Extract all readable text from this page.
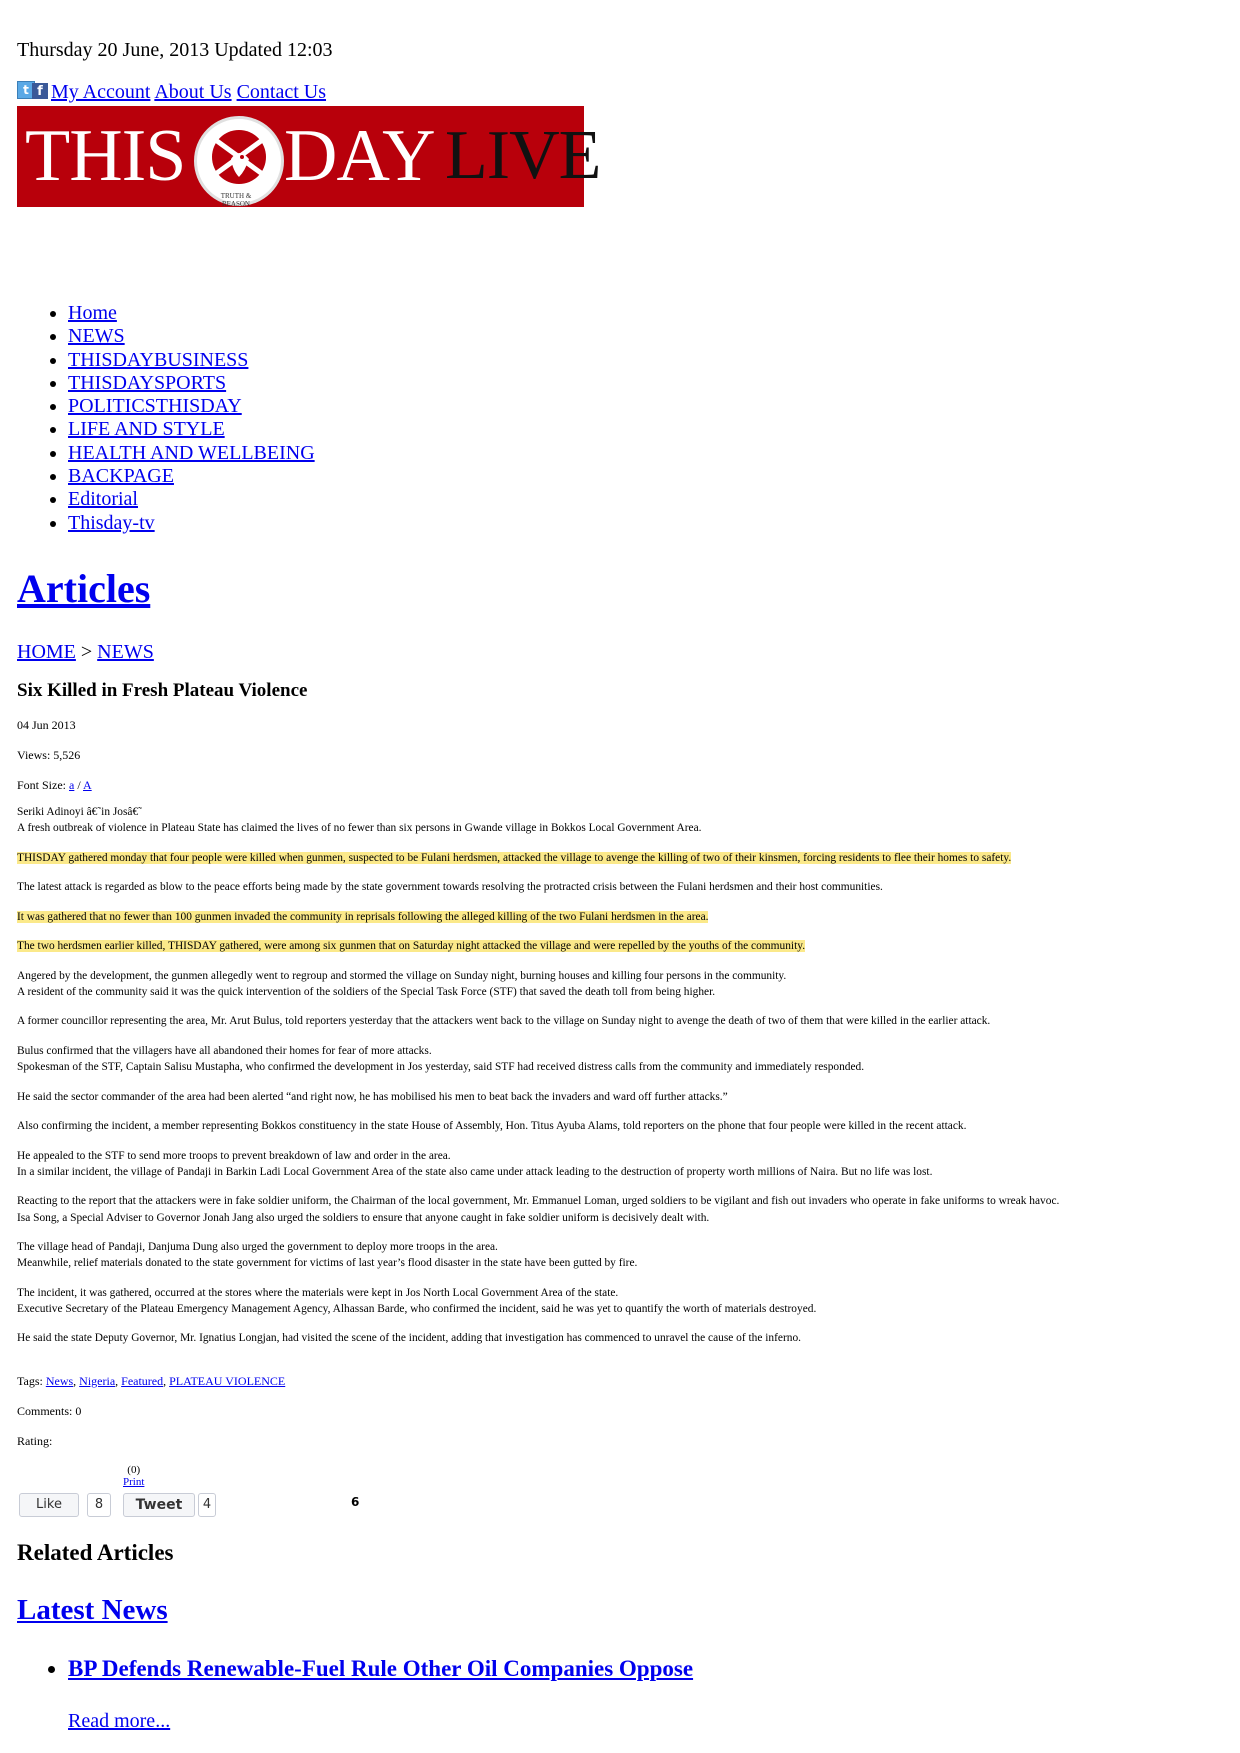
Thursday 20 June, 2013 Updated 12:03
t f My Account About Us Contact Us
THIS	TRUTH & REASON
DAY LIVE
• Home
• NEWS
• THISDAYBUSINESS
• THISDAYSPORTS
• POLITICSTHISDAY
• LIFE AND STYLE
• HEALTH AND WELLBEING
• BACKPAGE
• Editorial
• Thisday-tv
Articles
HOME > NEWS
Six Killed in Fresh Plateau Violence
04 Jun 2013
Views: 5,526
Font Size: a / A

Seriki Adinoyi â€˜in Josâ€˜
A fresh outbreak of violence in Plateau State has claimed the lives of no fewer than six persons in Gwande village in Bokkos Local Government Area.

THISDAY gathered monday that four people were killed when gunmen, suspected to be Fulani herdsmen, attacked the village to avenge the killing of two of their kinsmen, forcing residents to flee their homes to safety.

The latest attack is regarded as blow to the peace efforts being made by the state government towards resolving the protracted crisis between the Fulani herdsmen and their host communities.

It was gathered that no fewer than 100 gunmen invaded the community in reprisals following the alleged killing of the two Fulani herdsmen in the area.

The two herdsmen earlier killed, THISDAY gathered, were among six gunmen that on Saturday night attacked the village and were repelled by the youths of the community.

Angered by the development, the gunmen allegedly went to regroup and stormed the village on Sunday night, burning houses and killing four persons in the community.
A resident of the community said it was the quick intervention of the soldiers of the Special Task Force (STF) that saved the death toll from being higher.

A former councillor representing the area, Mr. Arut Bulus, told reporters yesterday that the attackers went back to the village on Sunday night to avenge the death of two of them that were killed in the earlier attack.

Bulus confirmed that the villagers have all abandoned their homes for fear of more attacks.
Spokesman of the STF, Captain Salisu Mustapha, who confirmed the development in Jos yesterday, said STF had received distress calls from the community and immediately responded.

He said the sector commander of the area had been alerted “and right now, he has mobilised his men to beat back the invaders and ward off further attacks.”

Also confirming the incident, a member representing Bokkos constituency in the state House of Assembly, Hon. Titus Ayuba Alams, told reporters on the phone that four people were killed in the recent attack.

He appealed to the STF to send more troops to prevent breakdown of law and order in the area.
In a similar incident, the village of Pandaji in Barkin Ladi Local Government Area of the state also came under attack leading to the destruction of property worth millions of Naira. But no life was lost.

Reacting to the report that the attackers were in fake soldier uniform, the Chairman of the local government, Mr. Emmanuel Loman, urged soldiers to be vigilant and fish out invaders who operate in fake uniforms to wreak havoc.
Isa Song, a Special Adviser to Governor Jonah Jang also urged the soldiers to ensure that anyone caught in fake soldier uniform is decisively dealt with.

The village head of Pandaji, Danjuma Dung also urged the government to deploy more troops in the area.
Meanwhile, relief materials donated to the state government for victims of last year’s flood disaster in the state have been gutted by fire.

The incident, it was gathered, occurred at the stores where the materials were kept in Jos North Local Government Area of the state.
Executive Secretary of the Plateau Emergency Management Agency, Alhassan Barde, who confirmed the incident, said he was yet to quantify the worth of materials destroyed.

He said the state Deputy Governor, Mr. Ignatius Longjan, had visited the scene of the incident, adding that investigation has commenced to unravel the cause of the inferno.

Tags: News, Nigeria, Featured, PLATEAU VIOLENCE
Comments: 0
Rating:
(0)
Print
Like	8	Tweet	4	6
Related Articles
Latest News
• BP Defends Renewable-Fuel Rule Other Oil Companies Oppose
Read more...
